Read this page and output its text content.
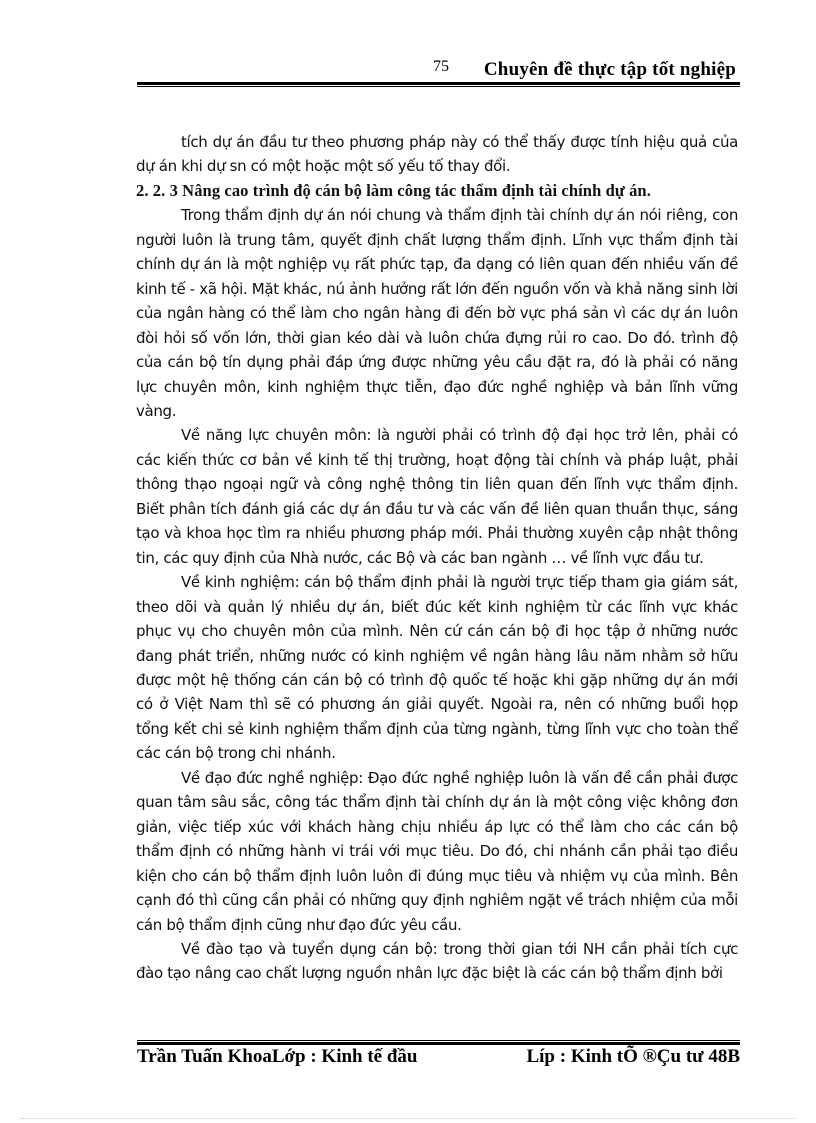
75 Chuyên đề thực tập tốt nghiệp

tích dự án đầu tư theo phương pháp này có thể thấy được tính hiệu quả của dự án khi dự sn có một hoặc một số yếu tố thay đổi.

2. 2. 3 Nâng cao trình độ cán bộ làm công tác thẩm định tài chính dự án.

Trong thẩm định dự án nói chung và thẩm định tài chính dự án nói riêng, con người luôn là trung tâm, quyết định chất lượng thẩm định. Lĩnh vực thẩm định tài chính dự án là một nghiệp vụ rất phức tạp, đa dạng có liên quan đến nhiều vấn đề kinh tế - xã hội. Mặt khác, nú ảnh hưởng rất lớn đến nguồn vốn và khả năng sinh lời của ngân hàng có thể làm cho ngân hàng đi đến bờ vực phá sản vì các dự án luôn đòi hỏi số vốn lớn, thời gian kéo dài và luôn chứa đựng rủi ro cao. Do đó. trình độ của cán bộ tín dụng phải đáp ứng được những yêu cầu đặt ra, đó là phải có năng lực chuyên môn, kinh nghiệm thực tiễn, đạo đức nghề nghiệp và bản lĩnh vững vàng.

Về năng lực chuyên môn: là người phải có trình độ đại học trở lên, phải có các kiến thức cơ bản về kinh tế thị trường, hoạt động tài chính và pháp luật, phải thông thạo ngoại ngữ và công nghệ thông tin liên quan đến lĩnh vực thẩm định. Biết phân tích đánh giá các dự án đầu tư và các vấn đề liên quan thuần thục, sáng tạo và khoa học tìm ra nhiều phương pháp mới. Phải thường xuyên cập nhật thông tin, các quy định của Nhà nước, các Bộ và các ban ngành … về lĩnh vực đầu tư.

Về kinh nghiệm: cán bộ thẩm định phải là người trực tiếp tham gia giám sát, theo dõi và quản lý nhiều dự án, biết đúc kết kinh nghiệm từ các lĩnh vực khác phục vụ cho chuyên môn của mình. Nên cứ cán cán bộ đi học tập ở những nước đang phát triển, những nước có kinh nghiệm về ngân hàng lâu năm nhằm sở hữu được một hệ thống cán cán bộ có trình độ quốc tế hoặc khi gặp những dự án mới có ở Việt Nam thì sẽ có phương án giải quyết. Ngoài ra, nên có những buổi họp tổng kết chi sẻ kinh nghiệm thẩm định của từng ngành, từng lĩnh vực cho toàn thể các cán bộ trong chi nhánh.

Về đạo đức nghề nghiệp: Đạo đức nghề nghiệp luôn là vấn đề cần phải được quan tâm sâu sắc, công tác thẩm định tài chính dự án là một công việc không đơn giản, việc tiếp xúc với khách hàng chịu nhiều áp lực có thể làm cho các cán bộ thẩm định có những hành vi trái với mục tiêu. Do đó, chi nhánh cần phải tạo điều kiện cho cán bộ thẩm định luôn luôn đi đúng mục tiêu và nhiệm vụ của mình. Bên cạnh đó thì cũng cần phải có những quy định nghiêm ngặt về trách nhiệm của mỗi cán bộ thẩm định cũng như đạo đức yêu cầu.

Về đào tạo và tuyển dụng cán bộ: trong thời gian tới NH cần phải tích cực đào tạo nâng cao chất lượng nguồn nhân lực đặc biệt là các cán bộ thẩm định bởi

Trần Tuấn KhoaLớp : Kinh tế đầu	Líp : Kinh tÕ ®Çu tư 48B
